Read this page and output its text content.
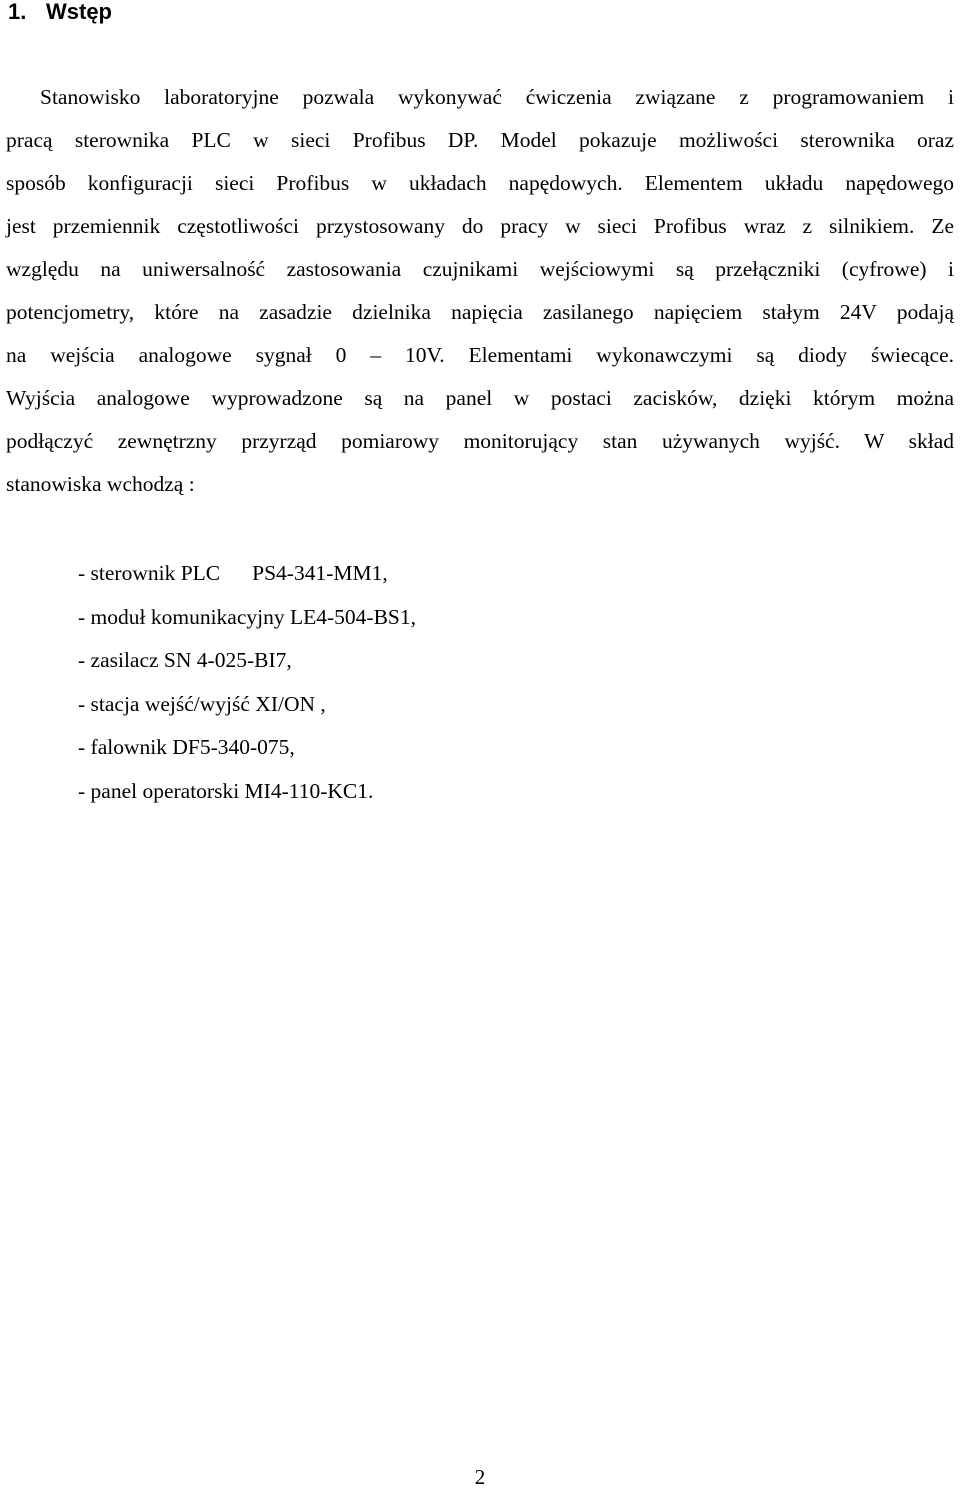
1. Wstęp

Stanowisko laboratoryjne pozwala wykonywać ćwiczenia związane z programowaniem i
pracą sterownika PLC w sieci Profibus DP. Model pokazuje możliwości sterownika oraz
sposób konfiguracji sieci Profibus w układach napędowych. Elementem układu napędowego
jest przemiennik częstotliwości przystosowany do pracy w sieci Profibus wraz z silnikiem. Ze
względu na uniwersalność zastosowania czujnikami wejściowymi są przełączniki (cyfrowe) i
potencjometry, które na zasadzie dzielnika napięcia zasilanego napięciem stałym 24V podają
na wejścia analogowe sygnał 0 – 10V. Elementami wykonawczymi są diody świecące.
Wyjścia analogowe wyprowadzone są na panel w postaci zacisków, dzięki którym można
podłączyć zewnętrzny przyrząd pomiarowy monitorujący stan używanych wyjść. W skład
stanowiska wchodzą :

- sterownik PLC PS4-341-MM1,
- moduł komunikacyjny LE4-504-BS1,
- zasilacz SN 4-025-BI7,
- stacja wejść/wyjść XI/ON ,
- falownik DF5-340-075,
- panel operatorski MI4-110-KC1.
2
